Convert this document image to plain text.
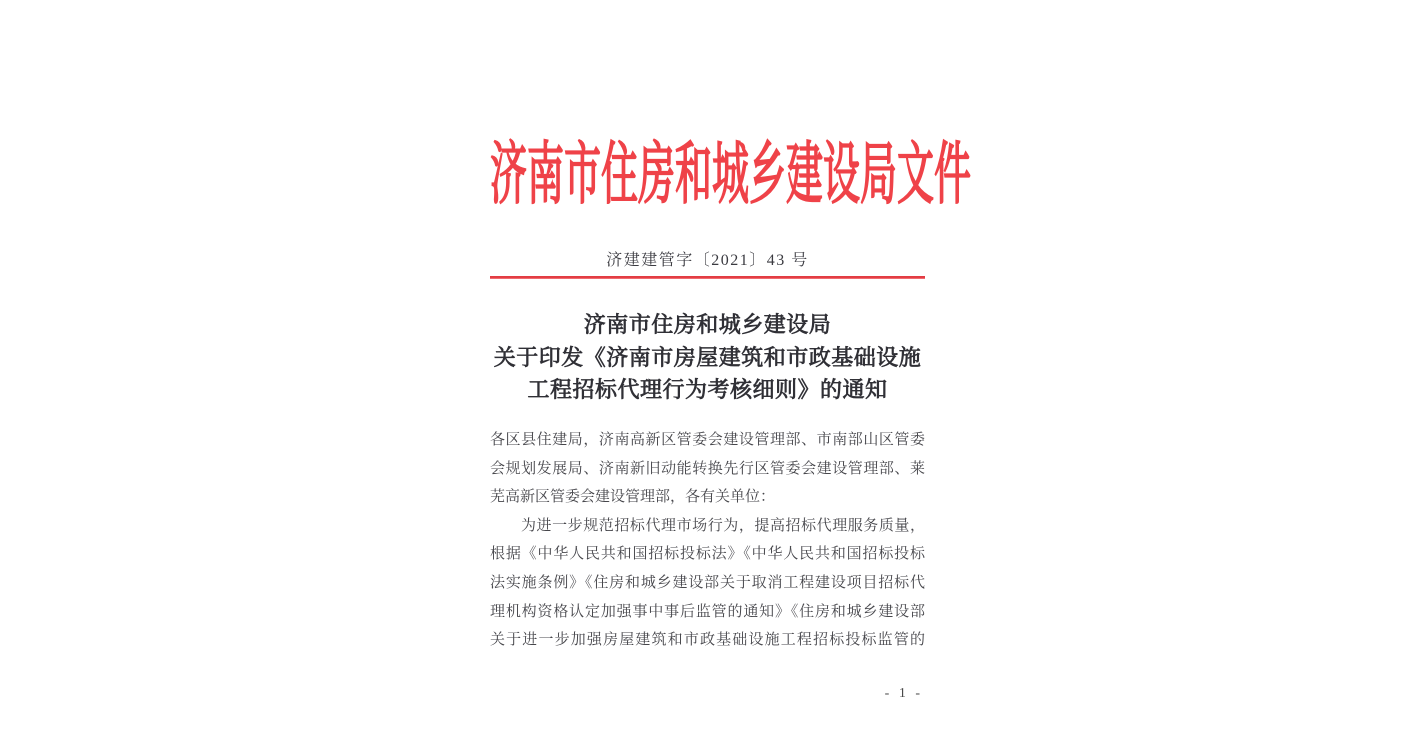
济南市住房和城乡建设局文件
济建建管字〔2021〕43 号
济南市住房和城乡建设局
关于印发《济南市房屋建筑和市政基础设施
工程招标代理行为考核细则》的通知
各区县住建局，济南高新区管委会建设管理部、市南部山区管委
会规划发展局、济南新旧动能转换先行区管委会建设管理部、莱
芜高新区管委会建设管理部，各有关单位：
为进一步规范招标代理市场行为，提高招标代理服务质量，
根据《中华人民共和国招标投标法》《中华人民共和国招标投标
法实施条例》《住房和城乡建设部关于取消工程建设项目招标代
理机构资格认定加强事中事后监管的通知》《住房和城乡建设部
关于进一步加强房屋建筑和市政基础设施工程招标投标监管的
- 1 -
